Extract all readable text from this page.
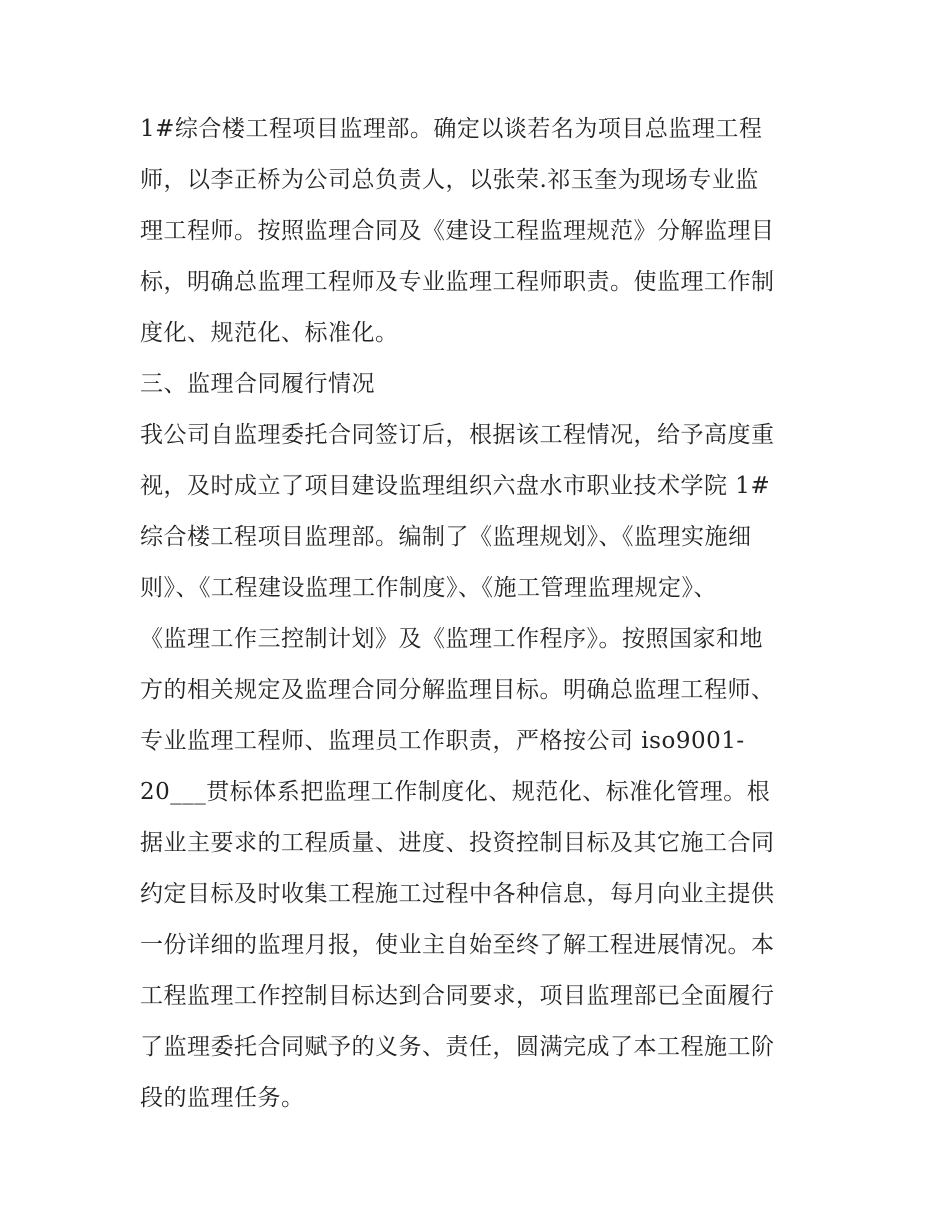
1#综合楼工程项目监理部。确定以谈若名为项目总监理工程
师，以李正桥为公司总负责人，以张荣.祁玉奎为现场专业监
理工程师。按照监理合同及《建设工程监理规范》分解监理目
标，明确总监理工程师及专业监理工程师职责。使监理工作制
度化、规范化、标准化。
三、监理合同履行情况
我公司自监理委托合同签订后，根据该工程情况，给予高度重
视，及时成立了项目建设监理组织六盘水市职业技术学院 1#
综合楼工程项目监理部。编制了《监理规划》、《监理实施细
则》、《工程建设监理工作制度》、《施工管理监理规定》、
《监理工作三控制计划》及《监理工作程序》。按照国家和地
方的相关规定及监理合同分解监理目标。明确总监理工程师、
专业监理工程师、监理员工作职责，严格按公司 iso9001-
20___贯标体系把监理工作制度化、规范化、标准化管理。根
据业主要求的工程质量、进度、投资控制目标及其它施工合同
约定目标及时收集工程施工过程中各种信息，每月向业主提供
一份详细的监理月报，使业主自始至终了解工程进展情况。本
工程监理工作控制目标达到合同要求，项目监理部已全面履行
了监理委托合同赋予的义务、责任，圆满完成了本工程施工阶
段的监理任务。
